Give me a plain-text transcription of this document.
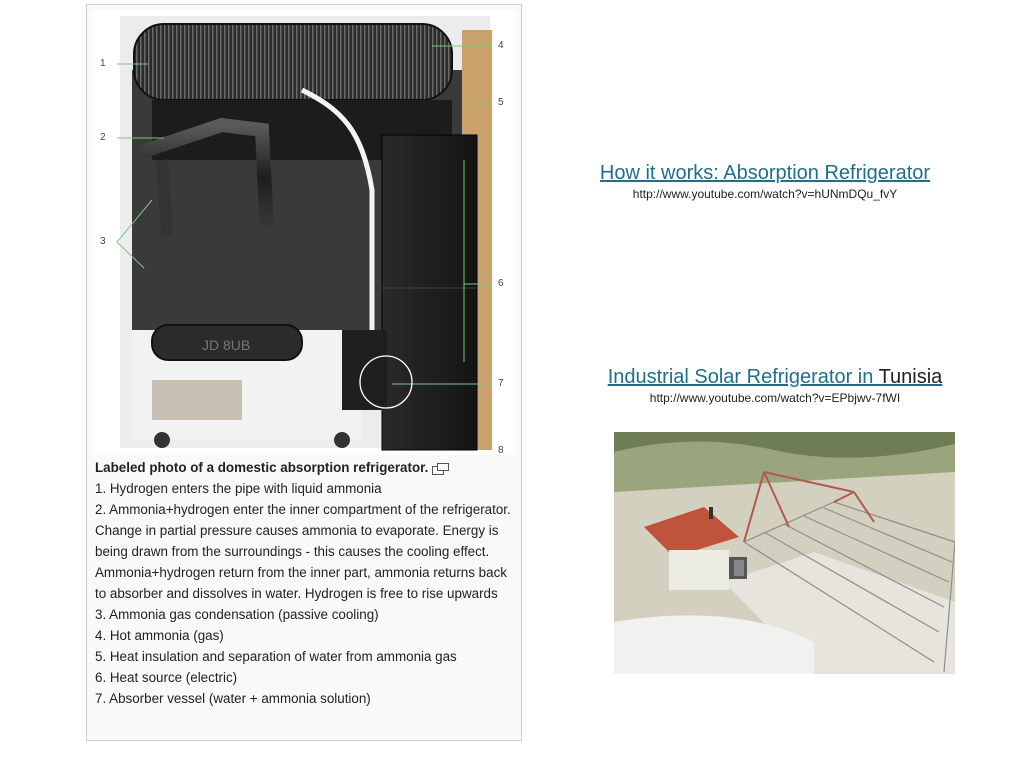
JD 8UB
1
2
3
4
5
6
7
8
Labeled photo of a domestic absorption refrigerator.
1. Hydrogen enters the pipe with liquid ammonia
2. Ammonia+hydrogen enter the inner compartment of the refrigerator. Change in partial pressure causes ammonia to evaporate. Energy is being drawn from the surroundings - this causes the cooling effect. Ammonia+hydrogen return from the inner part, ammonia returns back to absorber and dissolves in water. Hydrogen is free to rise upwards
3. Ammonia gas condensation (passive cooling)
4. Hot ammonia (gas)
5. Heat insulation and separation of water from ammonia gas
6. Heat source (electric)
7. Absorber vessel (water + ammonia solution)
How it works: Absorption Refrigerator
http://www.youtube.com/watch?v=hUNmDQu_fvY
Industrial Solar Refrigerator in Tunisia
http://www.youtube.com/watch?v=EPbjwv-7fWI
